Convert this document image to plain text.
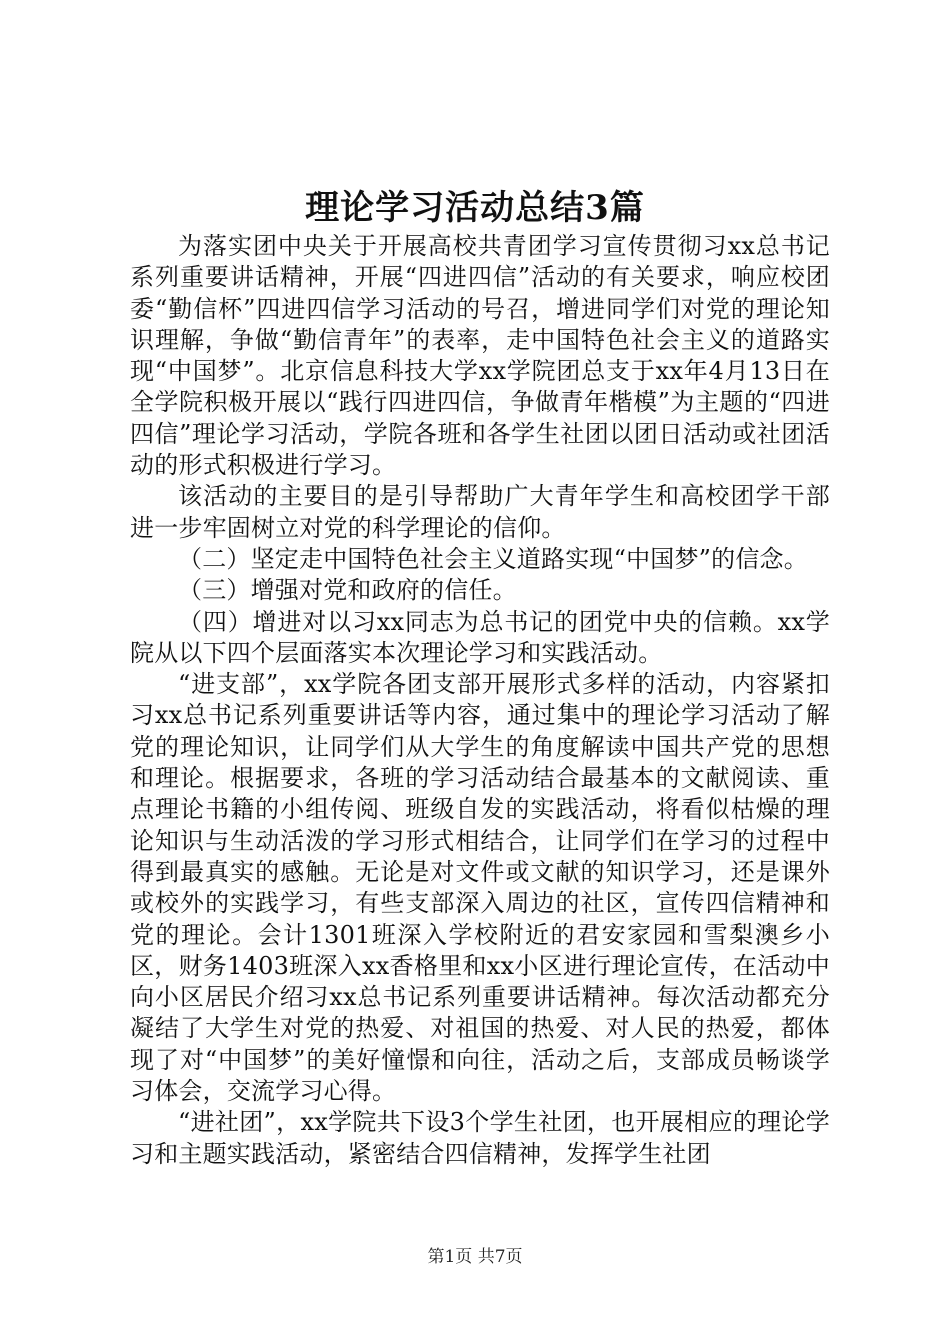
理论学习活动总结3篇

为落实团中央关于开展高校共青团学习宣传贯彻习xx总书记系列重要讲话精神，开展“四进四信”活动的有关要求，响应校团委“勤信杯”四进四信学习活动的号召，增进同学们对党的理论知识理解，争做“勤信青年”的表率，走中国特色社会主义的道路实现“中国梦”。北京信息科技大学xx学院团总支于xx年4月13日在全学院积极开展以“践行四进四信，争做青年楷模”为主题的“四进四信”理论学习活动，学院各班和各学生社团以团日活动或社团活动的形式积极进行学习。

该活动的主要目的是引导帮助广大青年学生和高校团学干部进一步牢固树立对党的科学理论的信仰。

（二）坚定走中国特色社会主义道路实现“中国梦”的信念。

（三）增强对党和政府的信任。

（四）增进对以习xx同志为总书记的团党中央的信赖。xx学院从以下四个层面落实本次理论学习和实践活动。

“进支部”，xx学院各团支部开展形式多样的活动，内容紧扣习xx总书记系列重要讲话等内容，通过集中的理论学习活动了解党的理论知识，让同学们从大学生的角度解读中国共产党的思想和理论。根据要求，各班的学习活动结合最基本的文献阅读、重点理论书籍的小组传阅、班级自发的实践活动，将看似枯燥的理论知识与生动活泼的学习形式相结合，让同学们在学习的过程中得到最真实的感触。无论是对文件或文献的知识学习，还是课外或校外的实践学习，有些支部深入周边的社区，宣传四信精神和党的理论。会计1301班深入学校附近的君安家园和雪梨澳乡小区，财务1403班深入xx香格里和xx小区进行理论宣传，在活动中向小区居民介绍习xx总书记系列重要讲话精神。每次活动都充分凝结了大学生对党的热爱、对祖国的热爱、对人民的热爱，都体现了对“中国梦”的美好憧憬和向往，活动之后，支部成员畅谈学习体会，交流学习心得。

“进社团”，xx学院共下设3个学生社团，也开展相应的理论学习和主题实践活动，紧密结合四信精神，发挥学生社团

第1页 共7页
